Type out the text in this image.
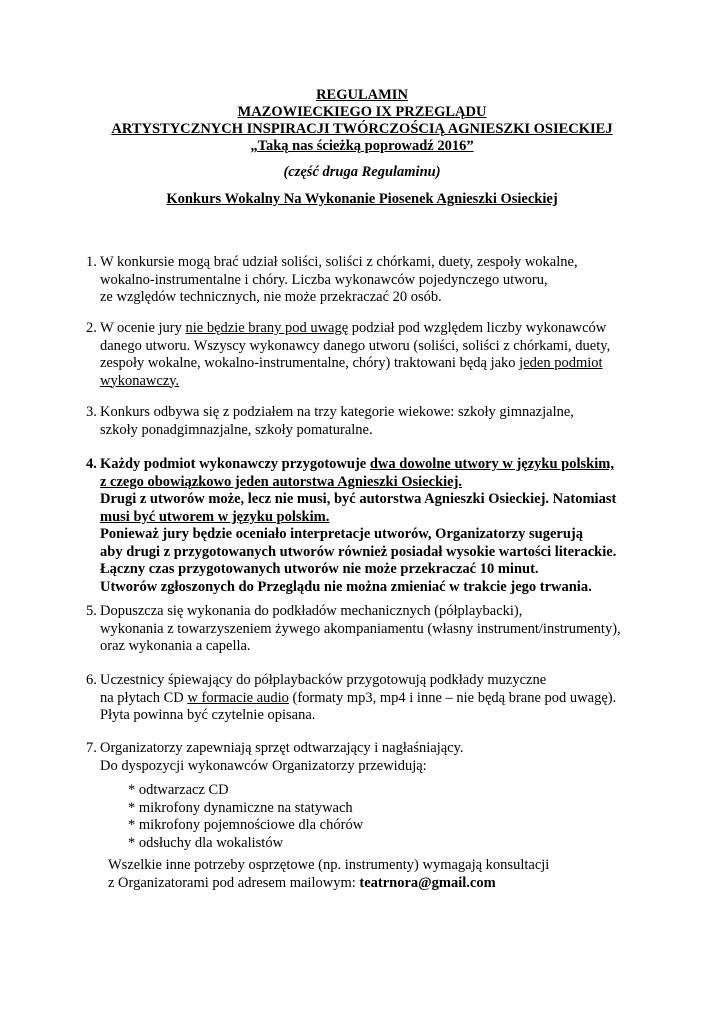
REGULAMIN
MAZOWIECKIEGO IX PRZEGLĄDU
ARTYSTYCZNYCH INSPIRACJI TWÓRCZOŚCIĄ AGNIESZKI OSIECKIEJ
„Taką nas ścieżką poprowadź 2016”
(część druga Regulaminu)
Konkurs Wokalny Na Wykonanie Piosenek Agnieszki Osieckiej
1. W konkursie mogą brać udział soliści, soliści z chórkami, duety, zespoły wokalne,
wokalno-instrumentalne i chóry. Liczba wykonawców pojedynczego utworu,
ze względów technicznych, nie może przekraczać 20 osób.
2. W ocenie jury nie będzie brany pod uwagę podział pod względem liczby wykonawców
danego utworu. Wszyscy wykonawcy danego utworu (soliści, soliści z chórkami, duety,
zespoły wokalne, wokalno-instrumentalne, chóry) traktowani będą jako jeden podmiot
wykonawczy.
3. Konkurs odbywa się z podziałem na trzy kategorie wiekowe: szkoły gimnazjalne,
szkoły ponadgimnazjalne, szkoły pomaturalne.
4. Każdy podmiot wykonawczy przygotowuje dwa dowolne utwory w języku polskim,
z czego obowiązkowo jeden autorstwa Agnieszki Osieckiej.
Drugi z utworów może, lecz nie musi, być autorstwa Agnieszki Osieckiej. Natomiast
musi być utworem w języku polskim.
Ponieważ jury będzie oceniało interpretacje utworów, Organizatorzy sugerują
aby drugi z przygotowanych utworów również posiadał wysokie wartości literackie.
Łączny czas przygotowanych utworów nie może przekraczać 10 minut.
Utworów zgłoszonych do Przeglądu nie można zmieniać w trakcie jego trwania.
5. Dopuszcza się wykonania do podkładów mechanicznych (półplaybacki),
wykonania z towarzyszeniem żywego akompaniamentu (własny instrument/instrumenty),
oraz wykonania a capella.
6. Uczestnicy śpiewający do półplaybacków przygotowują podkłady muzyczne
na płytach CD w formacie audio (formaty mp3, mp4 i inne – nie będą brane pod uwagę).
Płyta powinna być czytelnie opisana.
7. Organizatorzy zapewniają sprzęt odtwarzający i nagłaśniający.
Do dyspozycji wykonawców Organizatorzy przewidują:
* odtwarzacz CD
* mikrofony dynamiczne na statywach
* mikrofony pojemnościowe dla chórów
* odsłuchy dla wokalistów
Wszelkie inne potrzeby osprzętowe (np. instrumenty) wymagają konsultacji
z Organizatorami pod adresem mailowym: teatrnora@gmail.com
